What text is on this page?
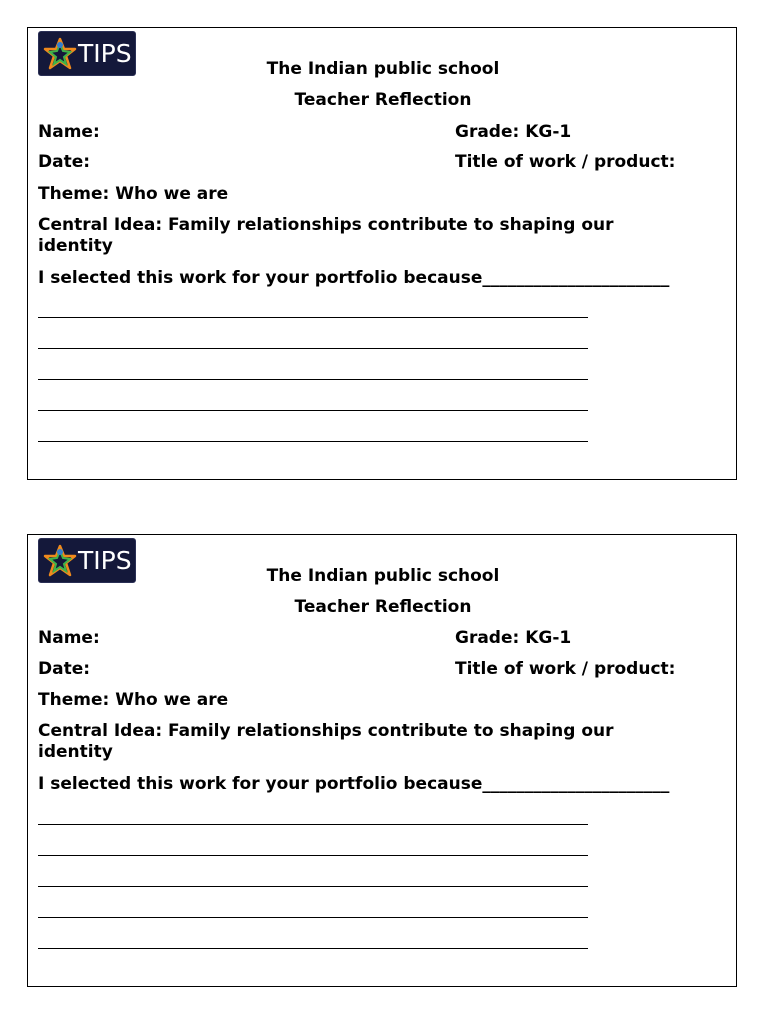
TIPS
The Indian public school
Teacher Reflection
Name:	Grade: KG-1
Date:	Title of work / product:
Theme: Who we are
Central Idea: Family relationships contribute to shaping our
identity
I selected this work for your portfolio because______________________
TIPS
The Indian public school
Teacher Reflection
Name:	Grade: KG-1
Date:	Title of work / product:
Theme: Who we are
Central Idea: Family relationships contribute to shaping our
identity
I selected this work for your portfolio because______________________
